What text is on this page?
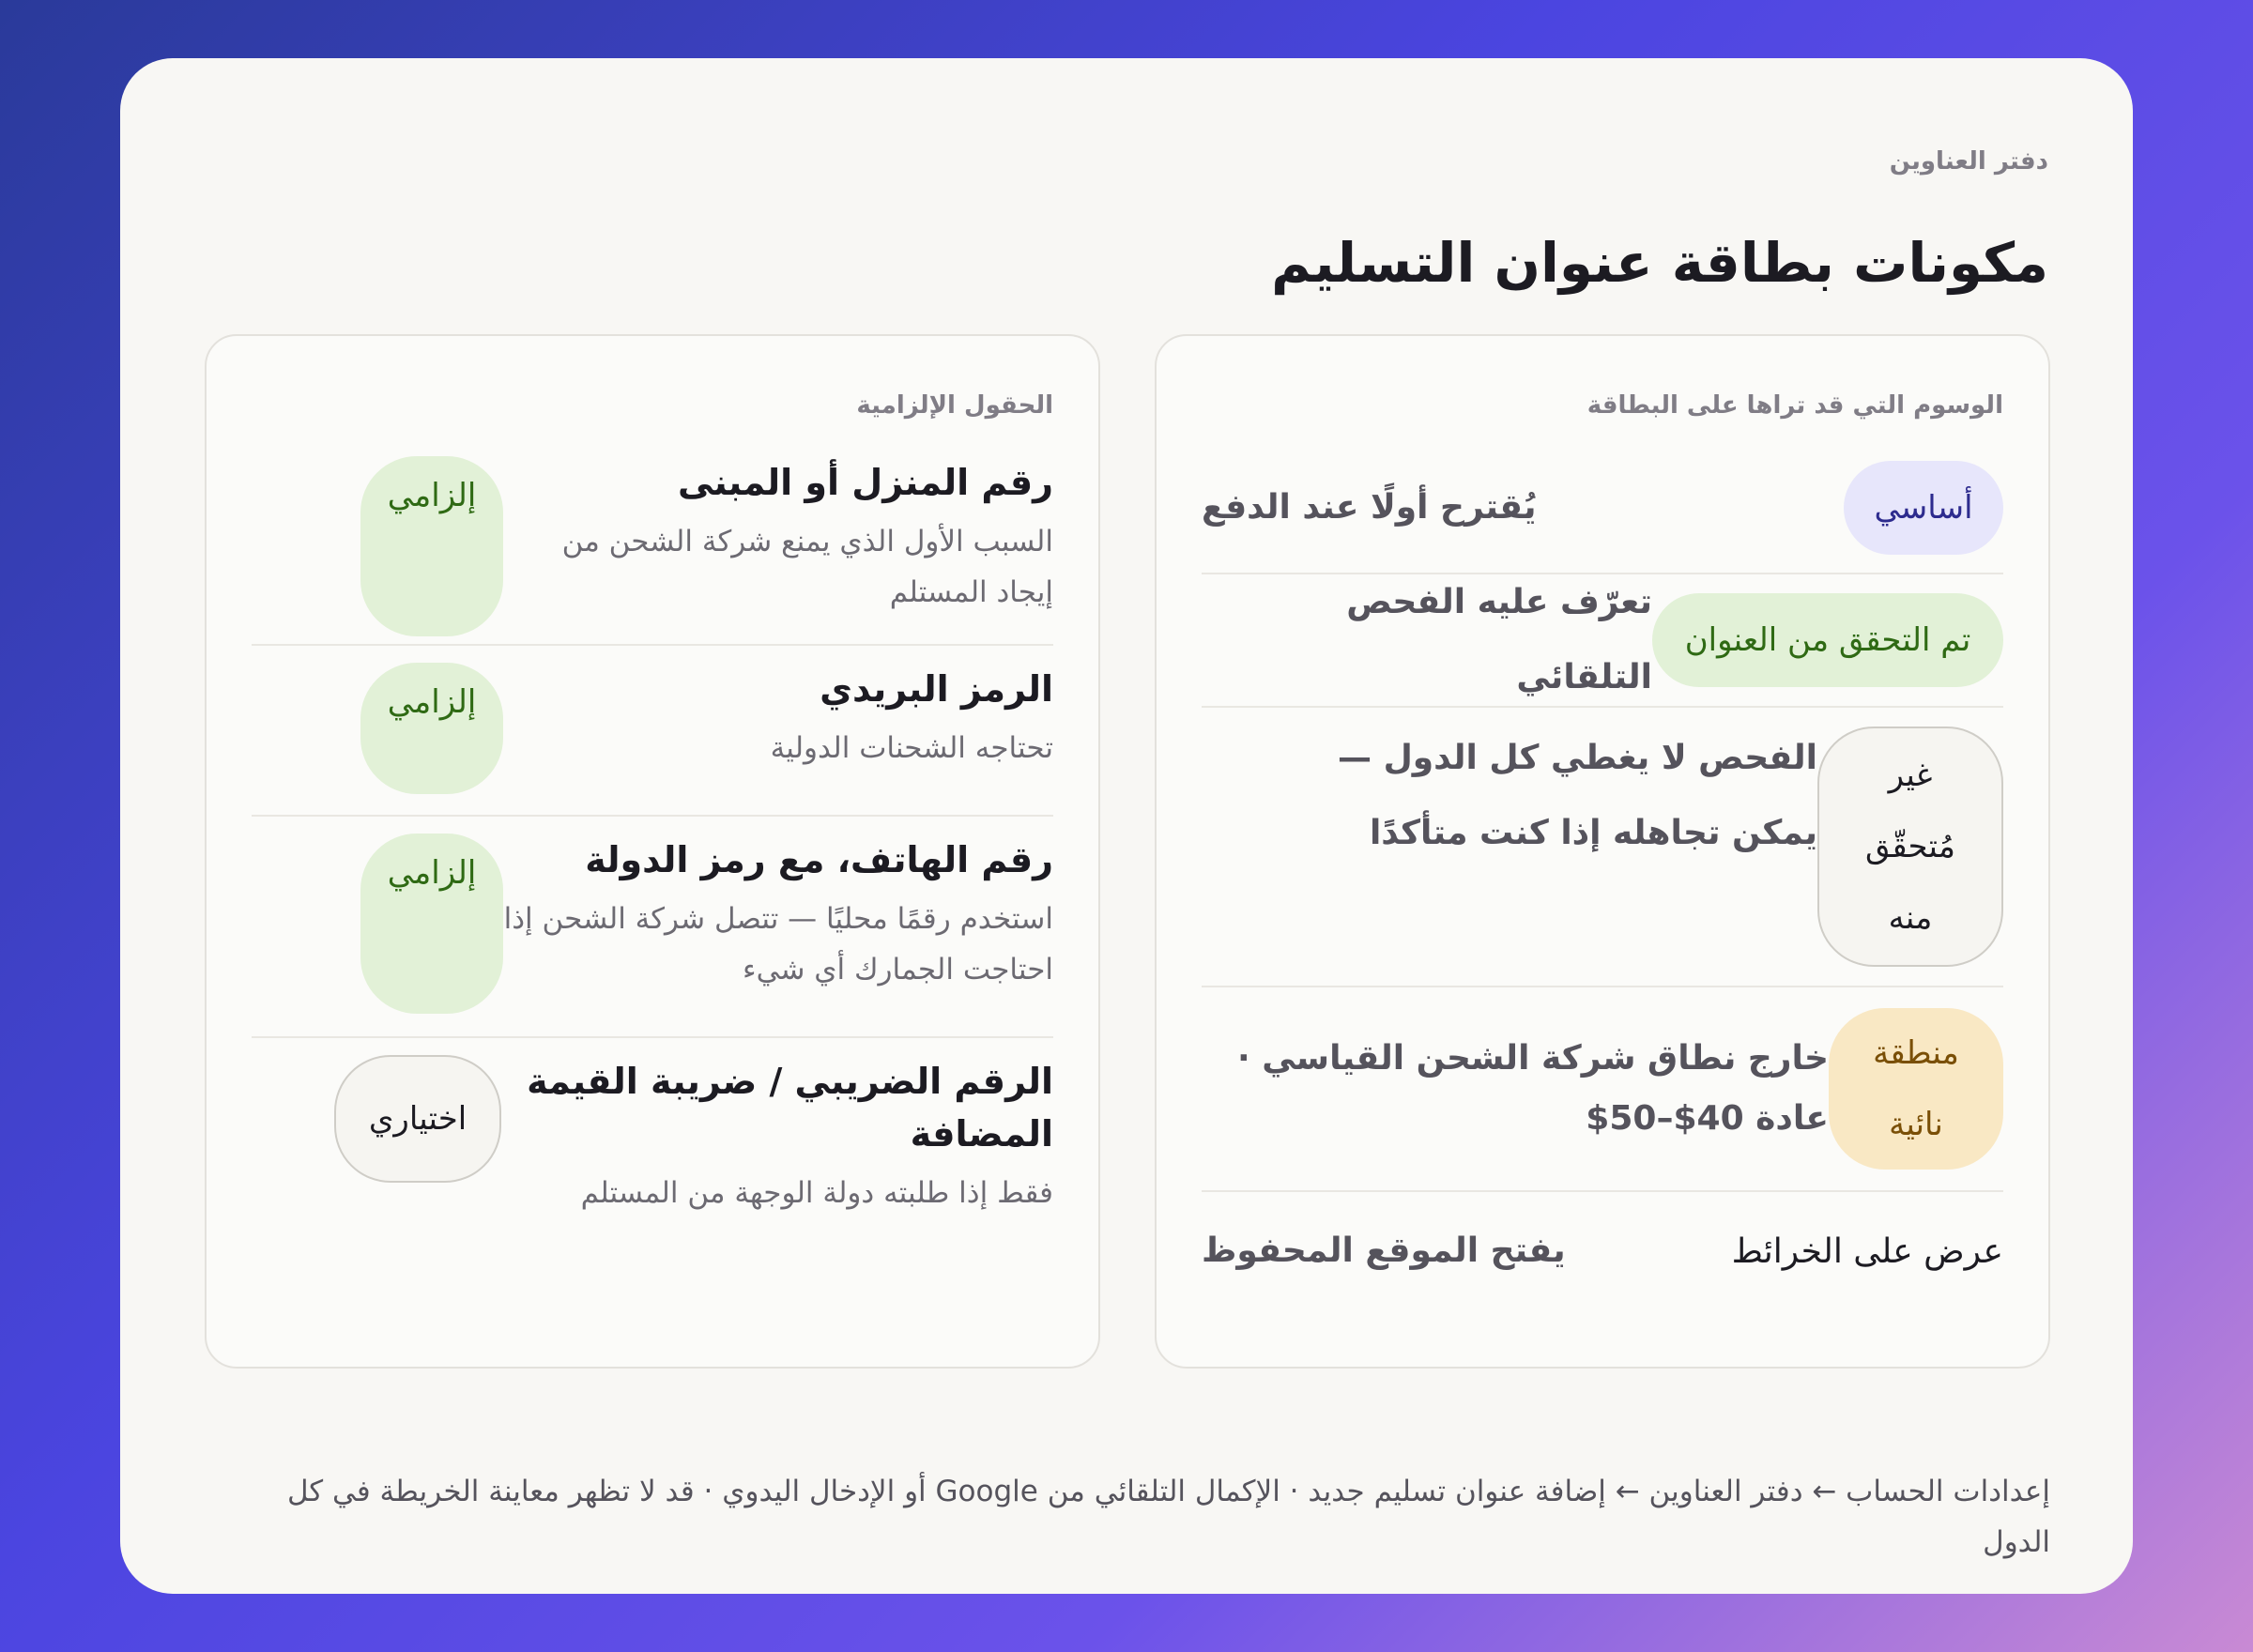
دفتر العناوين
مكونات بطاقة عنوان التسليم
الوسوم التي قد تراها على البطاقة
أساسي
يُقترح أولًا عند الدفع
تم التحقق من العنوان
تعرّف عليه الفحص التلقائي
غير مُتحقّق منه
الفحص لا يغطي كل الدول — يمكن تجاهله إذا كنت متأكدًا
منطقة نائية
خارج نطاق شركة الشحن القياسي · عادة 40$–50$
عرض على الخرائط
يفتح الموقع المحفوظ
الحقول الإلزامية
رقم المنزل أو المبنى
السبب الأول الذي يمنع شركة الشحن من إيجاد المستلم
إلزامي
الرمز البريدي
تحتاجه الشحنات الدولية
إلزامي
رقم الهاتف، مع رمز الدولة
استخدم رقمًا محليًا — تتصل شركة الشحن إذا احتاجت الجمارك أي شيء
إلزامي
الرقم الضريبي / ضريبة القيمة المضافة
فقط إذا طلبته دولة الوجهة من المستلم
اختياري
إعدادات الحساب ← دفتر العناوين ← إضافة عنوان تسليم جديد · الإكمال التلقائي من Google أو الإدخال اليدوي · قد لا تظهر معاينة الخريطة في كل الدول
